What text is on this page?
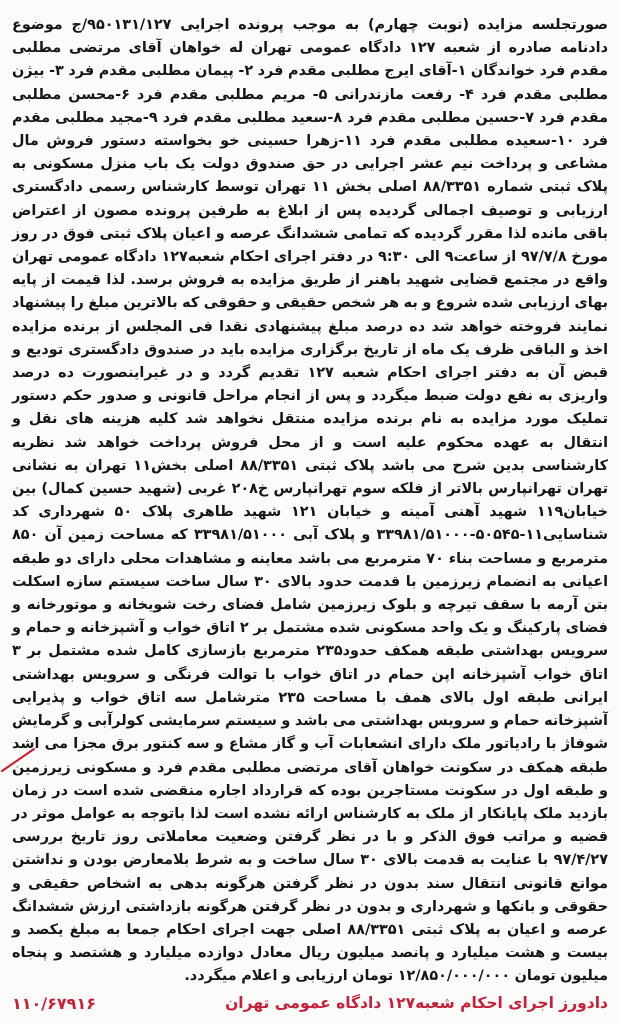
صورتجلسه مزایده (نوبت چهارم) به موجب پرونده اجرایی ۹۵۰۱۳۱/۱۲۷/ج موضوع دادنامه صادره از شعبه ۱۲۷ دادگاه عمومی تهران له خواهان آقای مرتضی مطلبی مقدم فرد خواندگان ۱-آقای ایرج مطلبی مقدم فرد ۲- پیمان مطلبی مقدم فرد ۳- بیژن مطلبی مقدم فرد ۴- رفعت مازندرانی ۵- مریم مطلبی مقدم فرد ۶-محسن مطلبی مقدم فرد ۷-حسین مطلبی مقدم فرد ۸-سعید مطلبی مقدم فرد ۹-مجید مطلبی مقدم فرد ۱۰-سعیده مطلبی مقدم فرد ۱۱-زهرا حسینی خو بخواسته دستور فروش مال مشاعی و پرداخت نیم عشر اجرایی در حق صندوق دولت یک باب منزل مسکونی به پلاک ثبتی شماره ۸۸/۳۳۵۱ اصلی بخش ۱۱ تهران توسط کارشناس رسمی دادگستری ارزیابی و توصیف اجمالی گردیده پس از ابلاغ به طرفین پرونده مصون از اعتراض باقی مانده لذا مقرر گردیده که تمامی ششدانگ عرصه و اعیان پلاک ثبتی فوق در روز مورخ ۹۷/۷/۸ از ساعت۹ الی ۹:۳۰ در دفتر اجرای احکام شعبه۱۲۷ دادگاه عمومی تهران واقع در مجتمع قضایی شهید باهنر از طریق مزایده به فروش برسد. لذا قیمت از پایه بهای ارزیابی شده شروع و به هر شخص حقیقی و حقوقی که بالاترین مبلغ را پیشنهاد نمایند فروخته خواهد شد ده درصد مبلغ پیشنهادی نقدا فی المجلس از برنده مزایده اخذ و الباقی ظرف یک ماه از تاریخ برگزاری مزایده باید در صندوق دادگستری تودیع و قبض آن به دفتر اجرای احکام شعبه ۱۲۷ تقدیم گردد و در غیراینصورت ده درصد واریزی به نفع دولت ضبط میگردد و پس از انجام مراحل قانونی و صدور حکم دستور تملیک مورد مزایده به نام برنده مزایده منتقل نخواهد شد کلیه هزینه های نقل و انتقال به عهده محکوم علیه است و از محل فروش پرداخت خواهد شد نظریه کارشناسی بدین شرح می باشد پلاک ثبتی ۸۸/۳۳۵۱ اصلی بخش۱۱ تهران به نشانی تهران تهرانپارس بالاتر از فلکه سوم تهرانپارس خ۲۰۸ غربی (شهید حسین کمال) بین خیابان۱۱۹ شهید آهنی آمینه و خیابان ۱۲۱ شهید طاهری پلاک ۵۰ شهرداری کد شناسایی۱۱-۵۰۵۴۵-۳۳۹۸۱/۵۱۰۰۰ و پلاک آبی ۳۳۹۸۱/۵۱۰۰۰ که مساحت زمین آن ۸۵۰ مترمربع و مساحت بناء ۷۰ مترمربع می باشد معاینه و مشاهدات محلی دارای دو طبقه اعیانی به انضمام زیرزمین با قدمت حدود بالای ۳۰ سال ساخت سیستم سازه اسکلت بتن آرمه با سقف تیرچه و بلوک زیرزمین شامل فضای رخت شویخانه و موتورخانه و فضای پارکینگ و یک واحد مسکونی شده مشتمل بر ۲ اتاق خواب و آشپزخانه و حمام و سرویس بهداشتی طبقه همکف حدود۲۳۵ مترمربع بازسازی کامل شده مشتمل بر ۳ اتاق خواب آشپزخانه اپن حمام در اتاق خواب با توالت فرنگی و سرویس بهداشتی ایرانی طبقه اول بالای همف با مساحت ۲۳۵ مترشامل سه اتاق خواب و پذیرایی آشپزخانه حمام و سرویس بهداشتی می باشد و سیستم سرمایشی کولرآبی و گرمایش شوفاژ با رادیاتور ملک دارای انشعابات آب و گاز مشاع و سه کنتور برق مجزا می اشد طبقه همکف در سکونت خواهان آقای مرتضی مطلبی مقدم فرد و مسکونی زیرزمین و طبقه اول در سکونت مستاجرین بوده که قرارداد اجاره منقضی شده است در زمان بازدید ملک پایانکار از ملک به کارشناس ارائه نشده است لذا باتوجه به عوامل موثر در قضیه و مراتب فوق الذکر و با در نظر گرفتن وضعیت معاملاتی روز تاریخ بررسی ۹۷/۴/۲۷ با عنایت به قدمت بالای ۳۰ سال ساخت و به شرط بلامعارض بودن و نداشتن موانع قانونی انتقال سند بدون در نظر گرفتن هرگونه بدهی به اشخاص حقیقی و حقوقی و بانکها و شهرداری و بدون در نظر گرفتن هرگونه بازداشتی ارزش ششدانگ عرصه و اعیان به پلاک ثبتی ۸۸/۳۳۵۱ اصلی جهت اجرای احکام جمعا به مبلغ یکصد و بیست و هشت میلیارد و پانصد میلیون ریال معادل دوازده میلیارد و هشتصد و پنجاه میلیون تومان ۱۲/۸۵۰/۰۰۰/۰۰۰ تومان ارزیابی و اعلام میگردد.

دادورز اجرای احکام شعبه۱۲۷ دادگاه عمومی تهران
۱۱۰/۶۷۹۱۶
